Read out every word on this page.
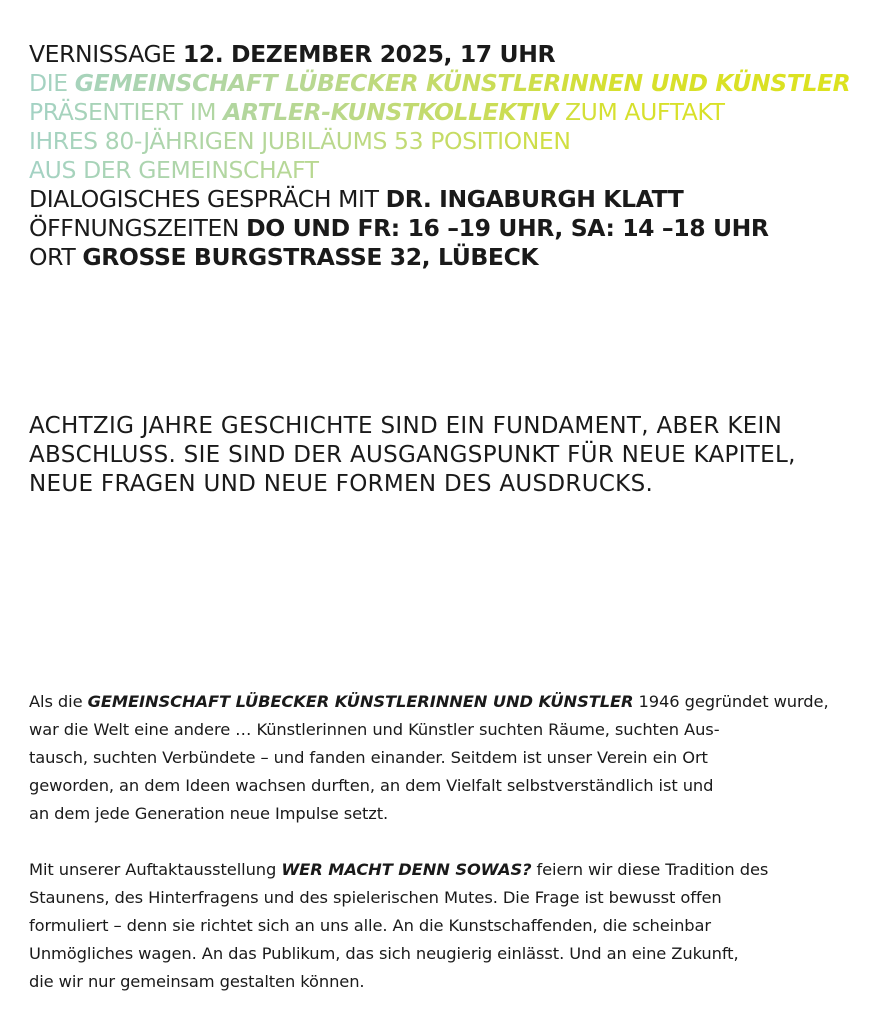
VERNISSAGE 12. DEZEMBER 2025, 17 UHR
DIE GEMEINSCHAFT LÜBECKER KÜNSTLERINNEN UND KÜNSTLER
PRÄSENTIERT IM ARTLER-KUNSTKOLLEKTIV ZUM AUFTAKT
IHRES 80-JÄHRIGEN JUBILÄUMS 53 POSITIONEN
AUS DER GEMEINSCHAFT
DIALOGISCHES GESPRÄCH MIT DR. INGABURGH KLATT
ÖFFNUNGSZEITEN DO UND FR: 16 –19 UHR, SA: 14 –18 UHR
ORT GROSSE BURGSTRASSE 32, LÜBECK
ACHTZIG JAHRE GESCHICHTE SIND EIN FUNDAMENT, ABER KEIN
ABSCHLUSS. SIE SIND DER AUSGANGSPUNKT FÜR NEUE KAPITEL,
NEUE FRAGEN UND NEUE FORMEN DES AUSDRUCKS.

Als die GEMEINSCHAFT LÜBECKER KÜNSTLERINNEN UND KÜNSTLER 1946 gegründet wurde,
war die Welt eine andere … Künstlerinnen und Künstler suchten Räume, suchten Aus-
tausch, suchten Verbündete – und fanden einander. Seitdem ist unser Verein ein Ort
geworden, an dem Ideen wachsen durften, an dem Vielfalt selbstverständlich ist und
an dem jede Generation neue Impulse setzt.

Mit unserer Auftaktausstellung WER MACHT DENN SOWAS? feiern wir diese Tradition des
Staunens, des Hinterfragens und des spielerischen Mutes. Die Frage ist bewusst offen
formuliert – denn sie richtet sich an uns alle. An die Kunstschaffenden, die scheinbar
Unmögliches wagen. An das Publikum, das sich neugierig einlässt. Und an eine Zukunft,
die wir nur gemeinsam gestalten können.
